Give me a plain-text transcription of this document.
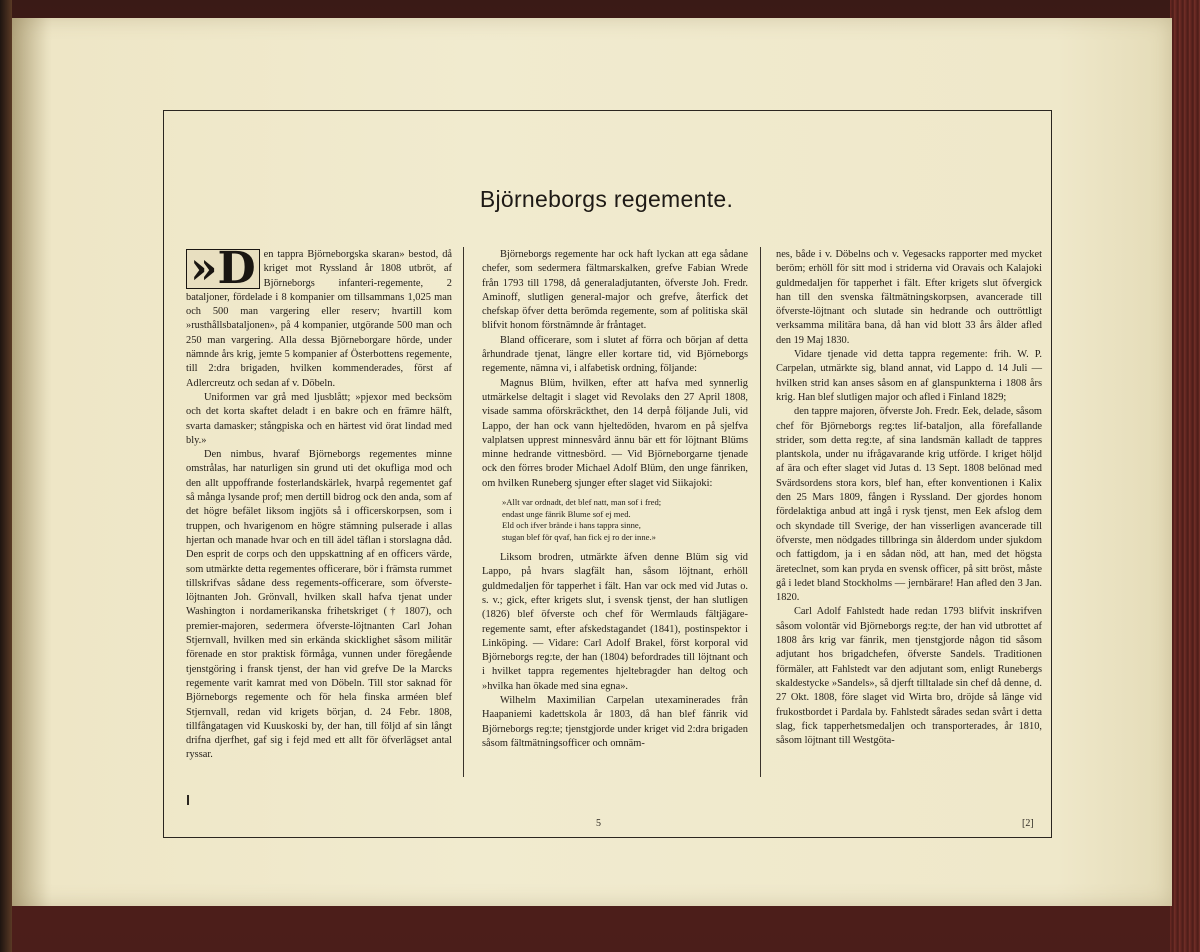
Björneborgs regemente.

»D en tappra Björneborgska skaran» bestod, då kriget mot Ryssland år 1808 utbröt, af Björneborgs infanteri-regemente, 2 bataljoner, fördelade i 8 kompanier om tillsammans 1,025 man och 500 man vargering eller reserv; hvartill kom »rusthållsbataljonen», på 4 kompanier, utgörande 500 man och 250 man vargering. Alla dessa Björneborgare hörde, under nämnde års krig, jemte 5 kompanier af Österbottens regemente, till 2:dra brigaden, hvilken kommenderades, först af Adlercreutz och sedan af v. Döbeln.

Uniformen var grå med ljusblått; »pjexor med becksöm och det korta skaftet deladt i en bakre och en främre hälft, svarta damasker; stångpiska och en härtest vid örat lindad med bly.»

Den nimbus, hvaraf Björneborgs regementes minne omstrålas, har naturligen sin grund uti det okufliga mod och den allt uppoffrande fosterlandskärlek, hvarpå regementet gaf så många lysande prof; men dertill bidrog ock den anda, som af det högre befälet liksom ingjöts så i officerskorpsen, som i truppen, och hvarigenom en högre stämning pulserade i allas hjertan och manade hvar och en till ädel täflan i storslagna dåd. Den esprit de corps och den uppskattning af en officers värde, som utmärkte detta regementes officerare, bör i främsta rummet tillskrifvas sådane dess regements-officerare, som öfverste-löjtnanten Joh. Grönvall, hvilken skall hafva tjenat under Washington i nordamerikanska frihetskriget († 1807), och premier-majoren, sedermera öfverste-löjtnanten Carl Johan Stjernvall, hvilken med sin erkända skicklighet såsom militär förenade en stor praktisk förmåga, vunnen under föregående tjenstgöring i fransk tjenst, der han vid grefve De la Marcks regemente varit kamrat med von Döbeln. Till stor saknad för Björneborgs regemente och för hela finska arméen blef Stjernvall, redan vid krigets början, d. 24 Febr. 1808, tillfångatagen vid Kuuskoski by, der han, till följd af sin långt drifna djerfhet, gaf sig i fejd med ett allt för öfverlägset antal ryssar.

Björneborgs regemente har ock haft lyckan att ega sådane chefer, som sedermera fältmarskalken, grefve Fabian Wrede från 1793 till 1798, då generaladjutanten, öfverste Joh. Fredr. Aminoff, slutligen general-major och grefve, återfick det chefskap öfver detta berömda regemente, som af politiska skäl blifvit honom förstnämnde år fråntaget.

Bland officerare, som i slutet af förra och början af detta århundrade tjenat, längre eller kortare tid, vid Björneborgs regemente, nämna vi, i alfabetisk ordning, följande:

Magnus Blüm, hvilken, efter att hafva med synnerlig utmärkelse deltagit i slaget vid Revolaks den 27 April 1808, visade samma oförskräckthet, den 14 derpå följande Juli, vid Lappo, der han ock vann hjeltedöden, hvarom en på sjelfva valplatsen upprest minnesvård ännu bär ett för löjtnant Blüms minne hedrande vittnesbörd. — Vid Björneborgarne tjenade ock den förres broder Michael Adolf Blüm, den unge fänriken, om hvilken Runeberg sjunger efter slaget vid Siikajoki:

»Allt var ordnadt, det blef natt, man sof i fred;
endast unge fänrik Blume sof ej med.
Eld och ifver brände i hans tappra sinne,
stugan blef för qvaf, han fick ej ro der inne.»

Liksom brodren, utmärkte äfven denne Blüm sig vid Lappo, på hvars slagfält han, såsom löjtnant, erhöll guldmedaljen för tapperhet i fält. Han var ock med vid Jutas o. s. v.; gick, efter krigets slut, i svensk tjenst, der han slutligen (1826) blef öfverste och chef för Wermlauds fältjägare-regemente samt, efter afskedstagandet (1841), postinspektor i Linköping. — Vidare: Carl Adolf Brakel, först korporal vid Björneborgs reg:te, der han (1804) befordrades till löjtnant och i hvilket tappra regementes hjeltebragder han deltog och »hvilka han ökade med sina egna».

Wilhelm Maximilian Carpelan utexaminerades från Haapaniemi kadettskola år 1803, då han blef fänrik vid Björneborgs reg:te; tjenstgjorde under kriget vid 2:dra brigaden såsom fältmätningsofficer och omnäm-

nes, både i v. Döbelns och v. Vegesacks rapporter med mycket beröm; erhöll för sitt mod i striderna vid Oravais och Kalajoki guldmedaljen för tapperhet i fält. Efter krigets slut öfvergick han till den svenska fältmätningskorpsen, avancerade till öfverste-löjtnant och slutade sin hedrande och outtröttligt verksamma militära bana, då han vid blott 33 års ålder afled den 19 Maj 1830.

Vidare tjenade vid detta tappra regemente: frih. W. P. Carpelan, utmärkte sig, bland annat, vid Lappo d. 14 Juli — hvilken strid kan anses såsom en af glanspunkterna i 1808 års krig. Han blef slutligen major och afled i Finland 1829;

den tappre majoren, öfverste Joh. Fredr. Eek, delade, såsom chef för Björneborgs reg:tes lif-bataljon, alla förefallande strider, som detta reg:te, af sina landsmän kalladt de tappres plantskola, under nu ifrågavarande krig utförde. I kriget höljd af ära och efter slaget vid Jutas d. 13 Sept. 1808 belönad med Svärdsordens stora kors, blef han, efter konventionen i Kalix den 25 Mars 1809, fången i Ryssland. Der gjordes honom fördelaktiga anbud att ingå i rysk tjenst, men Eek afslog dem och skyndade till Sverige, der han visserligen avancerade till öfverste, men nödgades tillbringa sin ålderdom under sjukdom och fattigdom, ja i en sådan nöd, att han, med det högsta äreteclnet, som kan pryda en svensk officer, på sitt bröst, måste gå i ledet bland Stockholms — jernbärare! Han afled den 3 Jan. 1820.

Carl Adolf Fahlstedt hade redan 1793 blifvit inskrifven såsom volontär vid Björneborgs reg:te, der han vid utbrottet af 1808 års krig var fänrik, men tjenstgjorde någon tid såsom adjutant hos brigadchefen, öfverste Sandels. Traditionen förmäler, att Fahlstedt var den adjutant som, enligt Runebergs skaldestycke »Sandels», så djerft tilltalade sin chef då denne, d. 27 Okt. 1808, före slaget vid Wirta bro, dröjde så länge vid frukostbordet i Pardala by. Fahlstedt sårades sedan svårt i detta slag, fick tapperhetsmedaljen och transporterades, år 1810, såsom löjtnant till Westgöta-

5	[2]
